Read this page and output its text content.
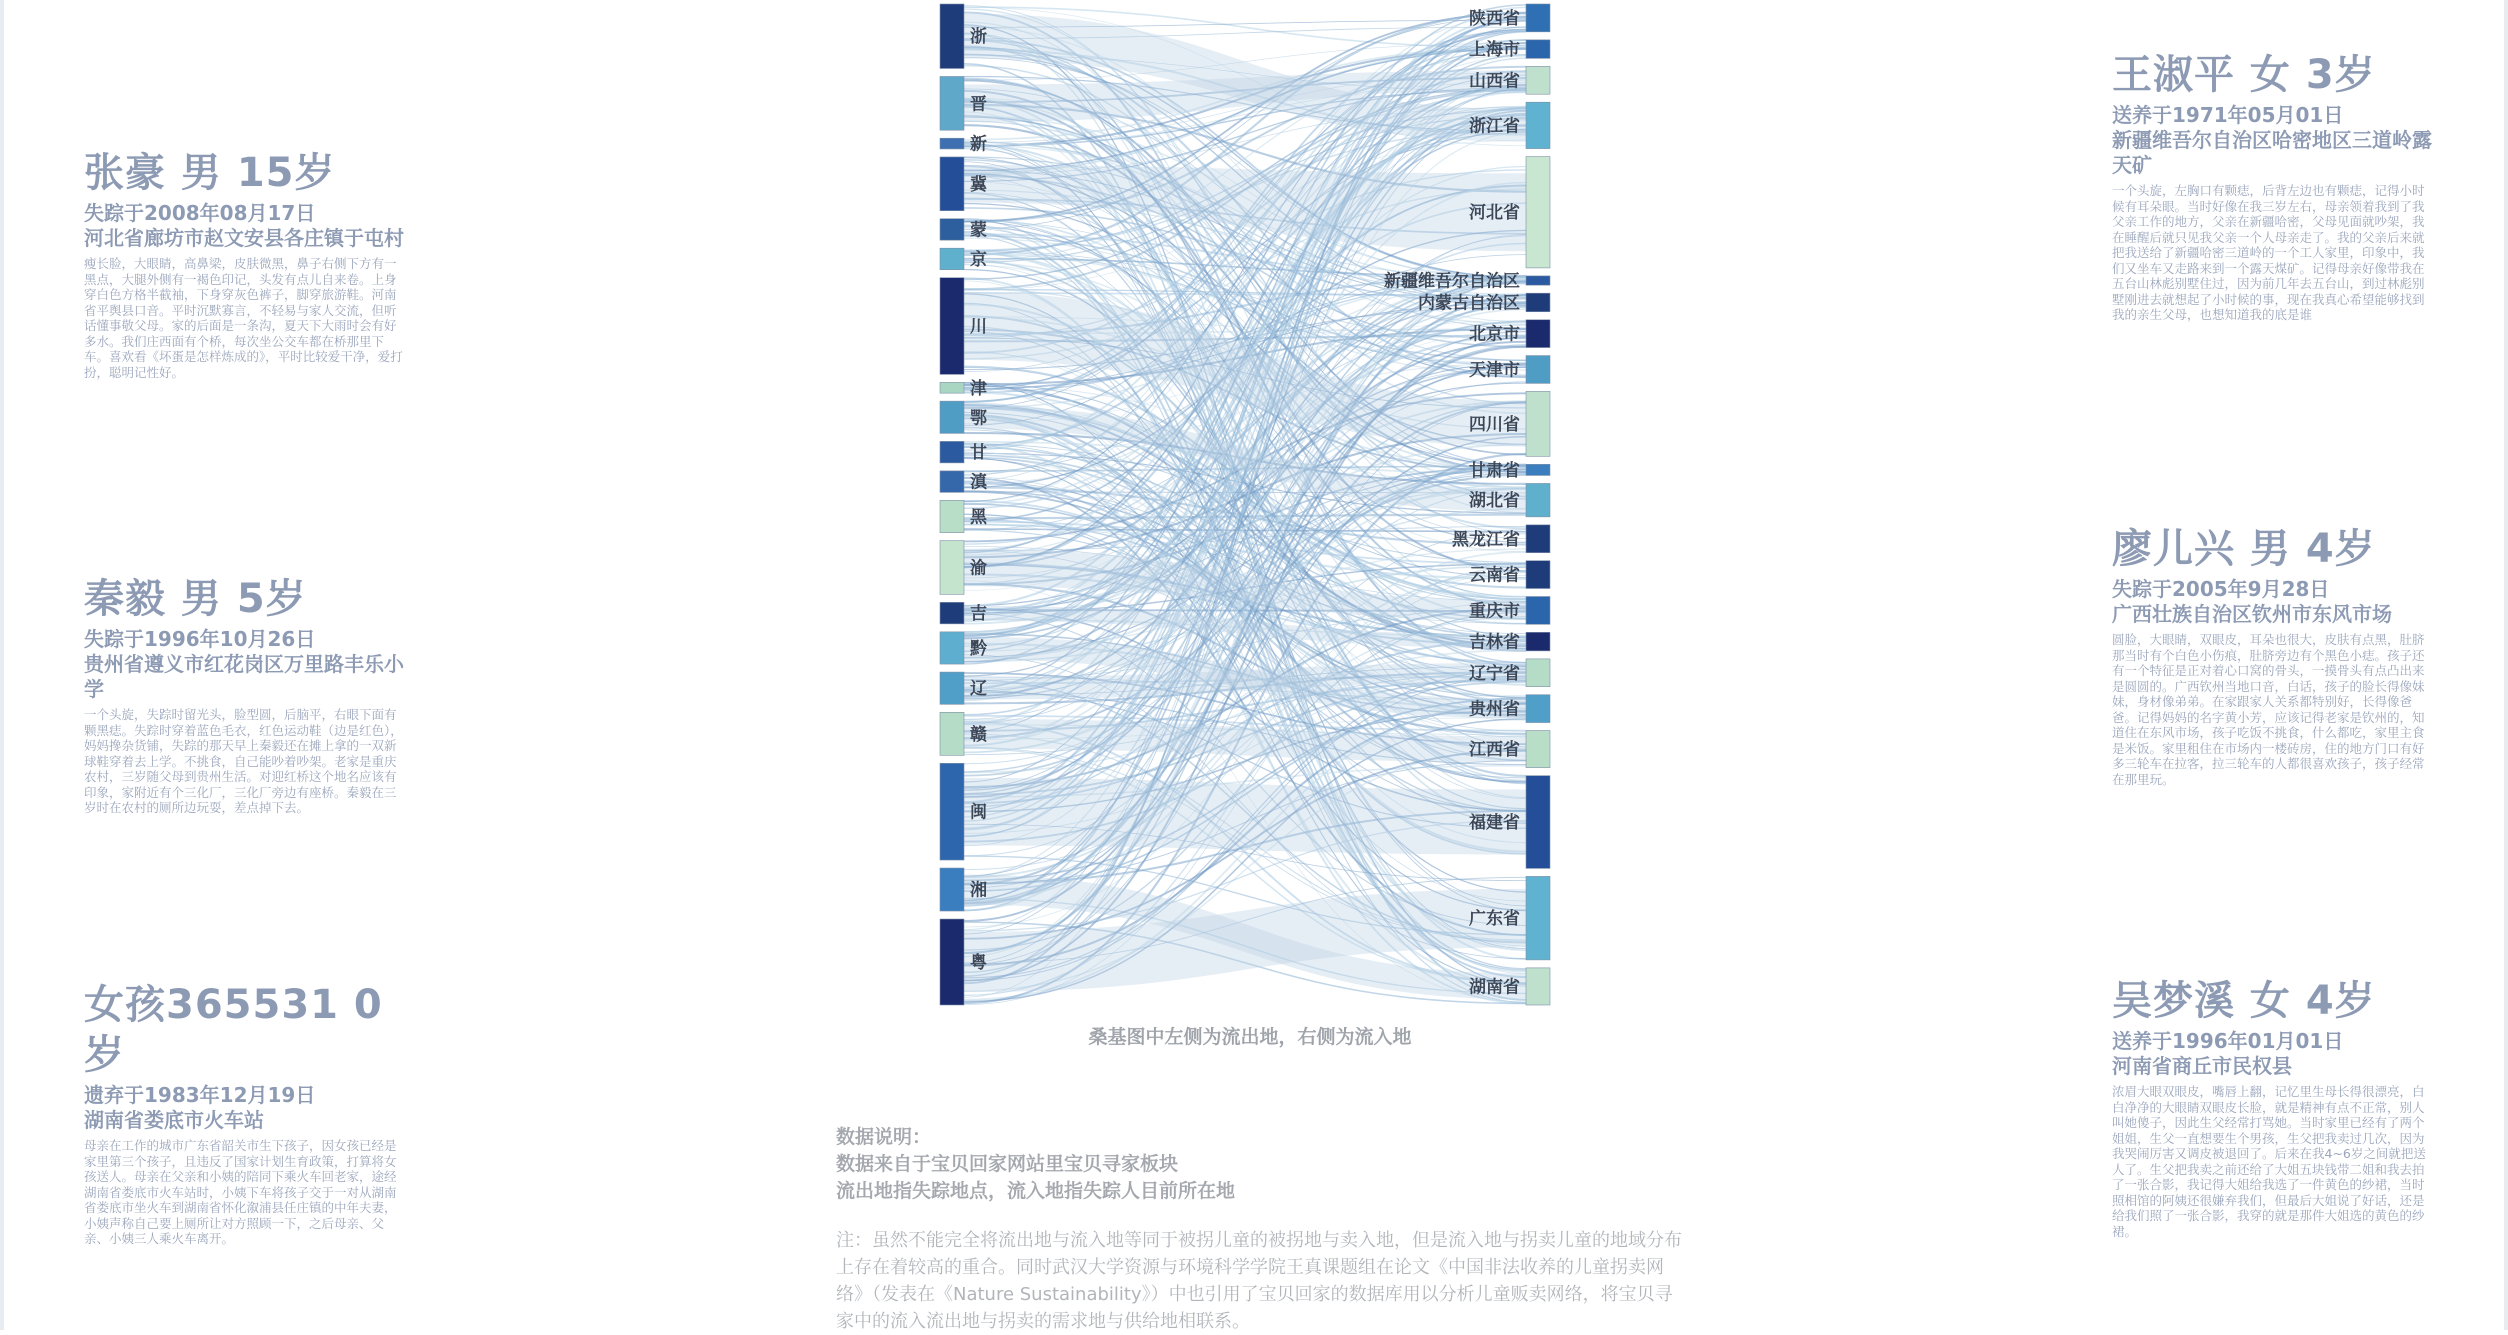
张豪 男 15岁
失踪于2008年08月17日
河北省廊坊市赵文安县各庄镇于屯村
瘦长脸，大眼睛，高鼻梁，皮肤微黑，鼻子右侧下方有一黑点，大腿外侧有一褐色印记，头发有点儿自来卷。上身穿白色方格半截袖，下身穿灰色裤子，脚穿旅游鞋。河南省平舆县口音。平时沉默寡言，不轻易与家人交流，但听话懂事敬父母。家的后面是一条沟，夏天下大雨时会有好多水。我们庄西面有个桥，每次坐公交车都在桥那里下车。喜欢看《坏蛋是怎样炼成的》，平时比较爱干净，爱打扮，聪明记性好。
秦毅 男 5岁
失踪于1996年10月26日
贵州省遵义市红花岗区万里路丰乐小学
一个头旋，失踪时留光头，脸型圆，后脑平，右眼下面有颗黑痣。失踪时穿着蓝色毛衣，红色运动鞋（边是红色），妈妈搀杂货铺，失踪的那天早上秦毅还在摊上拿的一双新球鞋穿着去上学。不挑食，自己能吵着吵架。老家是重庆农村，三岁随父母到贵州生活。对迎红桥这个地名应该有印象，家附近有个三化厂，三化厂旁边有座桥。秦毅在三岁时在农村的厕所边玩耍，差点掉下去。
女孩365531 0岁
遗弃于1983年12月19日
湖南省娄底市火车站
母亲在工作的城市广东省韶关市生下孩子，因女孩已经是家里第三个孩子，且违反了国家计划生育政策，打算将女孩送人。母亲在父亲和小姨的陪同下乘火车回老家，途经湖南省娄底市火车站时，小姨下车将孩子交于一对从湖南省娄底市坐火车到湖南省怀化溆浦县任庄镇的中年夫妻，小姨声称自己要上厕所让对方照顾一下，之后母亲、父亲、小姨三人乘火车离开。
王淑平 女 3岁
送养于1971年05月01日
新疆维吾尔自治区哈密地区三道岭露天矿
一个头旋，左胸口有颗痣，后背左边也有颗痣，记得小时候有耳朵眼。当时好像在我三岁左右，母亲领着我到了我父亲工作的地方，父亲在新疆哈密，父母见面就吵架，我在睡醒后就只见我父亲一个人母亲走了。我的父亲后来就把我送给了新疆哈密三道岭的一个工人家里，印象中，我们又坐车又走路来到一个露天煤矿。记得母亲好像带我在五台山林彪别墅住过，因为前几年去五台山，到过林彪别墅刚进去就想起了小时候的事，现在我真心希望能够找到我的亲生父母，也想知道我的底是谁
廖儿兴 男 4岁
失踪于2005年9月28日
广西壮族自治区钦州市东风市场
圆脸，大眼睛，双眼皮，耳朵也很大，皮肤有点黑，肚脐那当时有个白色小伤痕，肚脐旁边有个黑色小痣。孩子还有一个特征是正对着心口窝的骨头，一摸骨头有点凸出来是圆圆的。广西钦州当地口音，白话，孩子的脸长得像妹妹，身材像弟弟。在家跟家人关系都特别好，长得像爸爸。记得妈妈的名字黄小芳，应该记得老家是钦州的，知道住在东风市场，孩子吃饭不挑食，什么都吃，家里主食是米饭。家里租住在市场内一楼砖房，住的地方门口有好多三轮车在拉客，拉三轮车的人都很喜欢孩子，孩子经常在那里玩。
吴梦溪 女 4岁
送养于1996年01月01日
河南省商丘市民权县
浓眉大眼双眼皮，嘴唇上翻，记忆里生母长得很漂亮，白白净净的大眼睛双眼皮长脸，就是精神有点不正常，别人叫她傻子，因此生父经常打骂她。当时家里已经有了两个姐姐，生父一直想要生个男孩，生父把我卖过几次，因为我哭闹厉害又调皮被退回了。后来在我4~6岁之间就把送人了。生父把我卖之前还给了大姐五块钱带二姐和我去拍了一张合影，我记得大姐给我选了一件黄色的纱裙，当时照相馆的阿姨还很嫌弃我们，但最后大姐说了好话，还是给我们照了一张合影，我穿的就是那件大姐选的黄色的纱裙。
浙
晋
新
冀
蒙
京
川
津
鄂
甘
滇
黑
渝
吉
黔
辽
赣
闽
湘
粤
陕西省
上海市
山西省
浙江省
河北省
新疆维吾尔自治区
内蒙古自治区
北京市
天津市
四川省
甘肃省
湖北省
黑龙江省
云南省
重庆市
吉林省
辽宁省
贵州省
江西省
福建省
广东省
湖南省
桑基图中左侧为流出地，右侧为流入地
数据说明：
数据来自于宝贝回家网站里宝贝寻家板块
流出地指失踪地点，流入地指失踪人目前所在地
注：虽然不能完全将流出地与流入地等同于被拐儿童的被拐地与卖入地，但是流入地与拐卖儿童的地域分布上存在着较高的重合。同时武汉大学资源与环境科学学院王真课题组在论文《中国非法收养的儿童拐卖网络》（发表在《Nature Sustainability》）中也引用了宝贝回家的数据库用以分析儿童贩卖网络，将宝贝寻家中的流入流出地与拐卖的需求地与供给地相联系。
